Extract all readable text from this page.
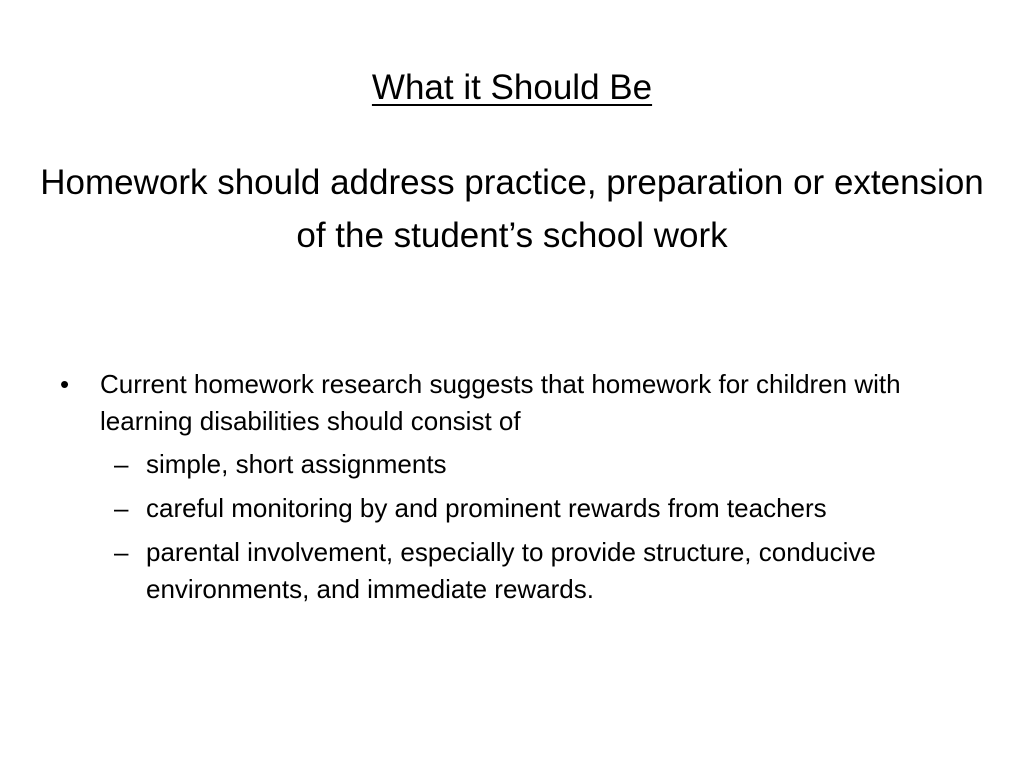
What it Should Be

Homework should address practice, preparation or extension of the student’s school work

• Current homework research suggests that homework for children with learning disabilities should consist of
– simple, short assignments
– careful monitoring by and prominent rewards from teachers
– parental involvement, especially to provide structure, conducive environments, and immediate rewards.
